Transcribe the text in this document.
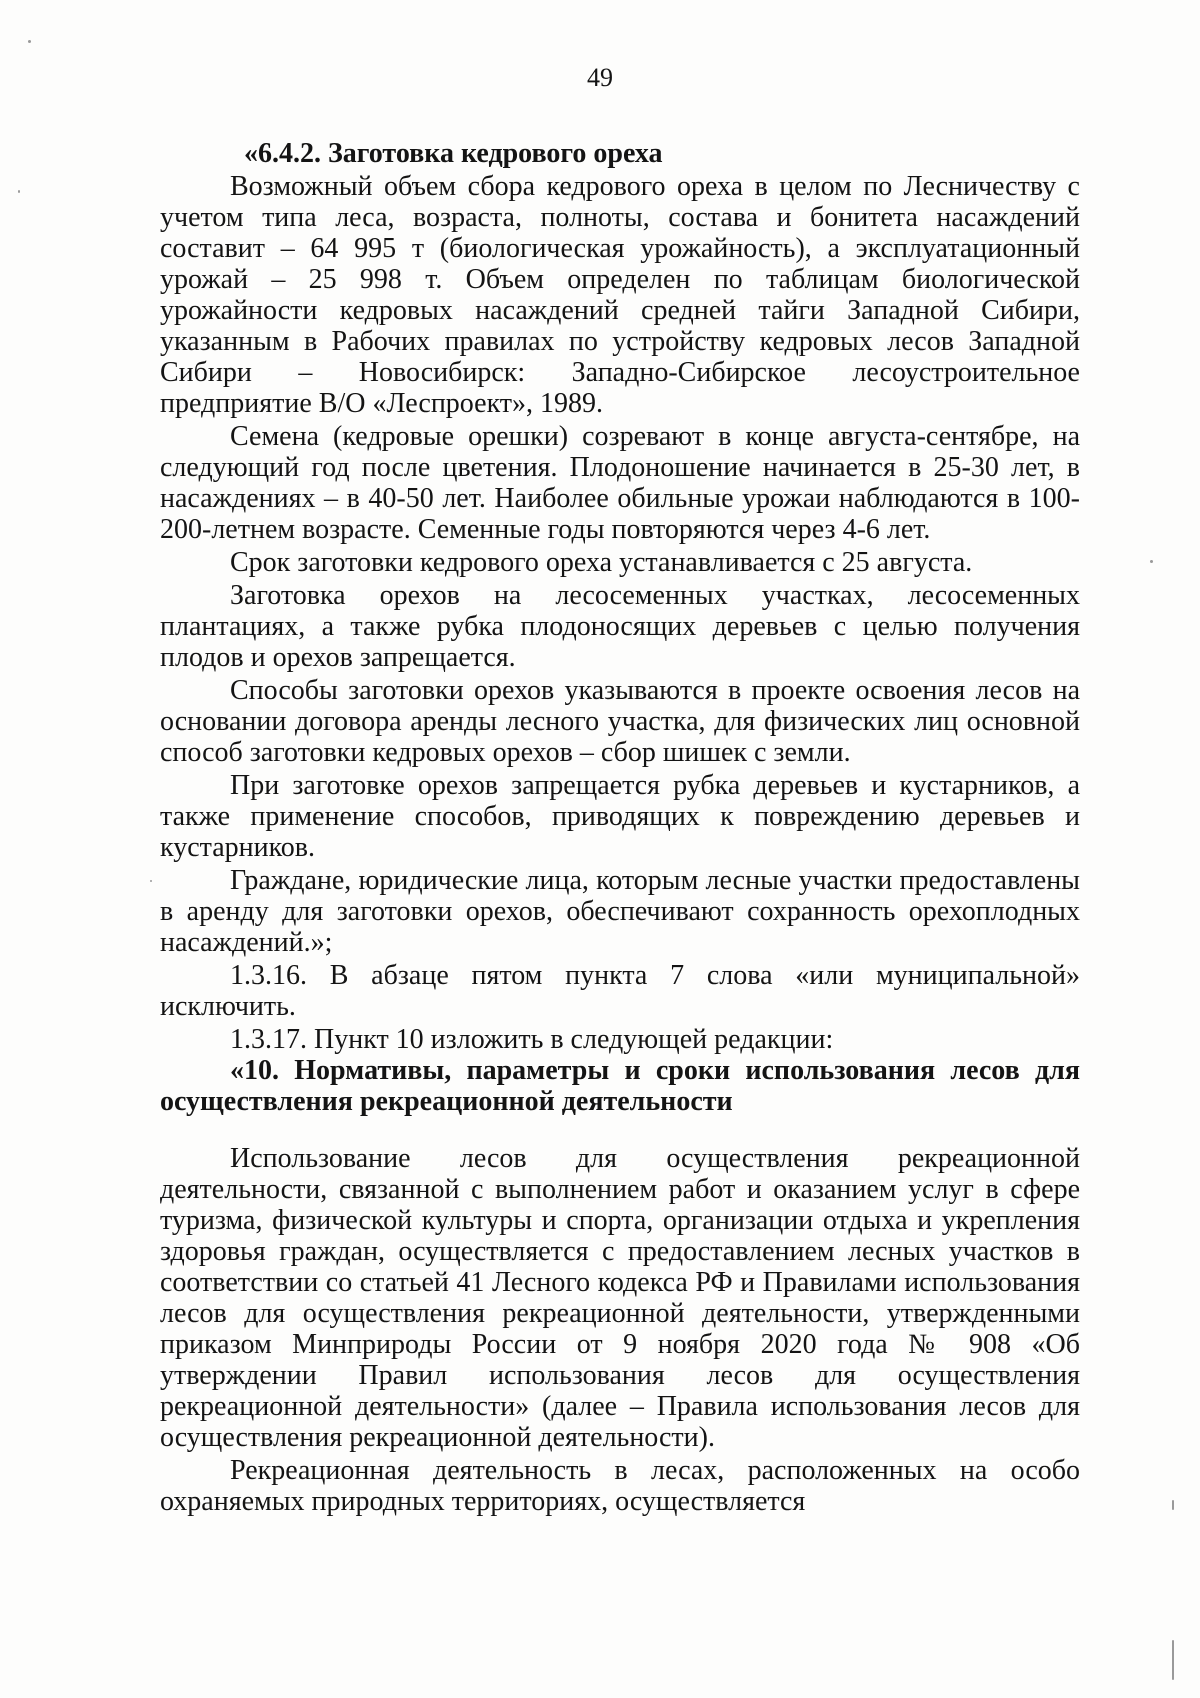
49
«6.4.2. Заготовка кедрового ореха

Возможный объем сбора кедрового ореха в целом по Лесничеству с учетом типа леса, возраста, полноты, состава и бонитета насаждений составит – 64 995 т (биологическая урожайность), а эксплуатационный урожай – 25 998 т. Объем определен по таблицам биологической урожайности кедровых насаждений средней тайги Западной Сибири, указанным в Рабочих правилах по устройству кедровых лесов Западной Сибири – Новосибирск: Западно-Сибирское лесоустроительное предприятие В/О «Леспроект», 1989.

Семена (кедровые орешки) созревают в конце августа-сентябре, на следующий год после цветения. Плодоношение начинается в 25-30 лет, в насаждениях – в 40-50 лет. Наиболее обильные урожаи наблюдаются в 100-200-летнем возрасте. Семенные годы повторяются через 4-6 лет.

Срок заготовки кедрового ореха устанавливается с 25 августа.

Заготовка орехов на лесосеменных участках, лесосеменных плантациях, а также рубка плодоносящих деревьев с целью получения плодов и орехов запрещается.

Способы заготовки орехов указываются в проекте освоения лесов на основании договора аренды лесного участка, для физических лиц основной способ заготовки кедровых орехов – сбор шишек с земли.

При заготовке орехов запрещается рубка деревьев и кустарников, а также применение способов, приводящих к повреждению деревьев и кустарников.

Граждане, юридические лица, которым лесные участки предоставлены в аренду для заготовки орехов, обеспечивают сохранность орехоплодных насаждений.»;

1.3.16. В абзаце пятом пункта 7 слова «или муниципальной» исключить.

1.3.17. Пункт 10 изложить в следующей редакции:

«10. Нормативы, параметры и сроки использования лесов для осуществления рекреационной деятельности

Использование лесов для осуществления рекреационной деятельности, связанной с выполнением работ и оказанием услуг в сфере туризма, физической культуры и спорта, организации отдыха и укрепления здоровья граждан, осуществляется с предоставлением лесных участков в соответствии со статьей 41 Лесного кодекса РФ и Правилами использования лесов для осуществления рекреационной деятельности, утвержденными приказом Минприроды России от 9 ноября 2020 года № 908 «Об утверждении Правил использования лесов для осуществления рекреационной деятельности» (далее – Правила использования лесов для осуществления рекреационной деятельности).

Рекреационная деятельность в лесах, расположенных на особо охраняемых природных территориях, осуществляется
